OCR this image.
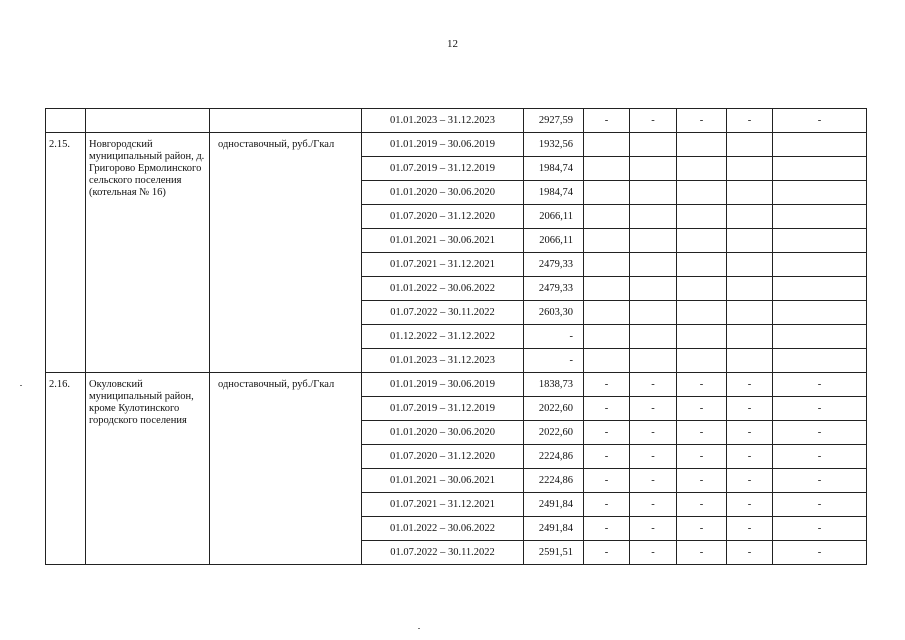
12
			01.01.2023 – 31.12.2023	2927,59	-	-	-	-	-
2.15.	Новгородский муниципальный район, д. Григорово Ермолинского сельского поселения (котельная № 16)	одноставочный, руб./Гкал	01.01.2019 – 30.06.2019	1932,56					
			01.07.2019 – 31.12.2019	1984,74					
			01.01.2020 – 30.06.2020	1984,74					
			01.07.2020 – 31.12.2020	2066,11					
			01.01.2021 – 30.06.2021	2066,11					
			01.07.2021 – 31.12.2021	2479,33					
			01.01.2022 – 30.06.2022	2479,33					
			01.07.2022 – 30.11.2022	2603,30					
			01.12.2022 – 31.12.2022	-					
			01.01.2023 – 31.12.2023	-					
2.16.	Окуловский муниципальный район, кроме Кулотинского городского поселения	одноставочный, руб./Гкал	01.01.2019 – 30.06.2019	1838,73	-	-	-	-	-
			01.07.2019 – 31.12.2019	2022,60	-	-	-	-	-
			01.01.2020 – 30.06.2020	2022,60	-	-	-	-	-
			01.07.2020 – 31.12.2020	2224,86	-	-	-	-	-
			01.01.2021 – 30.06.2021	2224,86	-	-	-	-	-
			01.07.2021 – 31.12.2021	2491,84	-	-	-	-	-
			01.01.2022 – 30.06.2022	2491,84	-	-	-	-	-
			01.07.2022 – 30.11.2022	2591,51	-	-	-	-	-
